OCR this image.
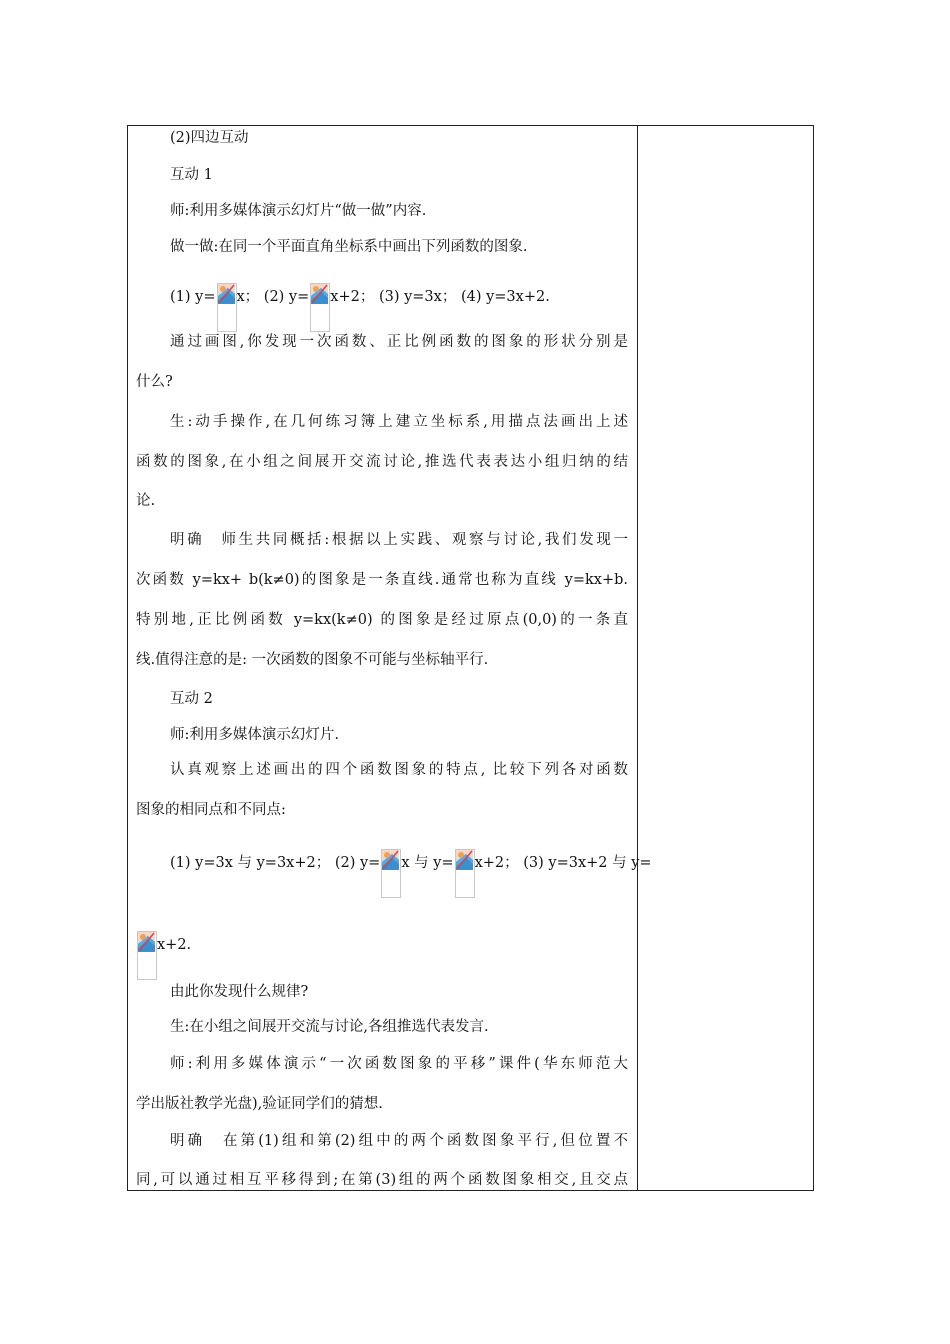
(2)四边互动
互动 1
师:利用多媒体演示幻灯片“做一做”内容.
做一做:在同一个平面直角坐标系中画出下列函数的图象.
(1) y= x； (2) y= x+2； (3) y=3x； (4) y=3x+2.
通过画图,你发现一次函数、正比例函数的图象的形状分别是
什么?
生:动手操作,在几何练习簿上建立坐标系,用描点法画出上述
函数的图象,在小组之间展开交流讨论,推选代表表达小组归纳的结
论.
明确　师生共同概括:根据以上实践、观察与讨论,我们发现一
次函数 y=kx+ b(k≠0)的图象是一条直线.通常也称为直线 y=kx+b.
特别地,正比例函数 y=kx(k≠0) 的图象是经过原点(0,0)的一条直
线.值得注意的是: 一次函数的图象不可能与坐标轴平行.
互动 2
师:利用多媒体演示幻灯片.
认真观察上述画出的四个函数图象的特点, 比较下列各对函数
图象的相同点和不同点:
(1) y=3x 与 y=3x+2； (2) y= x 与 y= x+2； (3) y=3x+2 与 y=
x+2.
由此你发现什么规律?
生:在小组之间展开交流与讨论,各组推选代表发言.
师:利用多媒体演示“一次函数图象的平移”课件(华东师范大
学出版社教学光盘),验证同学们的猜想.
明确　在第(1)组和第(2)组中的两个函数图象平行,但位置不
同,可以通过相互平移得到;在第(3)组的两个函数图象相交,且交点
